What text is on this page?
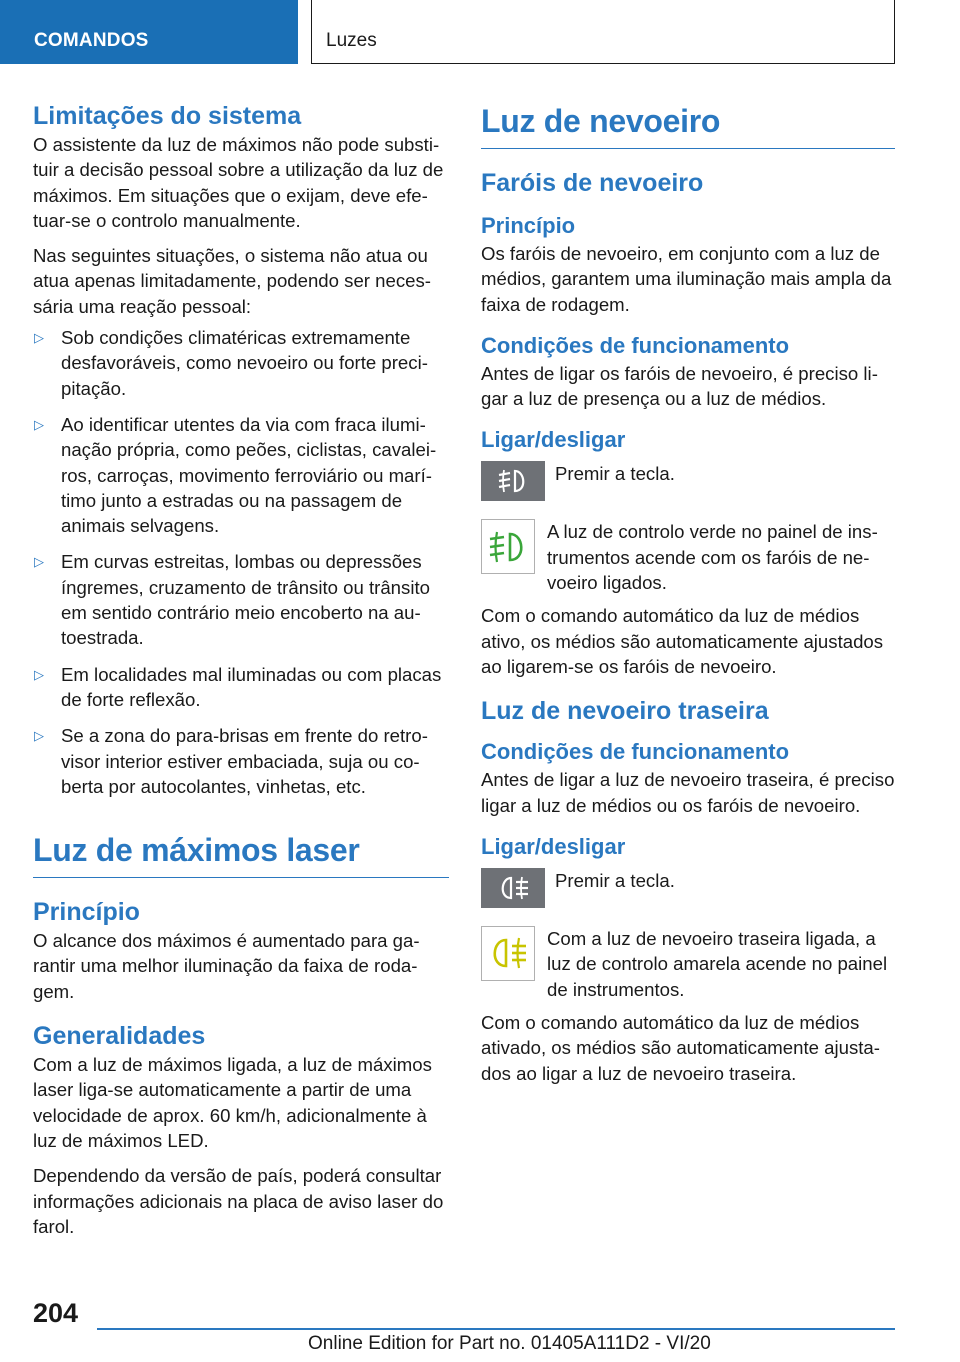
COMANDOS	Luzes
Limitações do sistema

O assistente da luz de máximos não pode substituir a decisão pessoal sobre a utilização da luz de máximos. Em situações que o exijam, deve efetuar-se o controlo manualmente.

Nas seguintes situações, o sistema não atua ou atua apenas limitadamente, podendo ser necessária uma reação pessoal:

▷ Sob condições climatéricas extremamente desfavoráveis, como nevoeiro ou forte precipitação.
▷ Ao identificar utentes da via com fraca iluminação própria, como peões, ciclistas, cavaleiros, carroças, movimento ferroviário ou marítimo junto a estradas ou na passagem de animais selvagens.
▷ Em curvas estreitas, lombas ou depressões íngremes, cruzamento de trânsito ou trânsito em sentido contrário meio encoberto na autoestrada.
▷ Em localidades mal iluminadas ou com placas de forte reflexão.
▷ Se a zona do para-brisas em frente do retrovisor interior estiver embaciada, suja ou coberta por autocolantes, vinhetas, etc.
Luz de máximos laser
Princípio

O alcance dos máximos é aumentado para garantir uma melhor iluminação da faixa de rodagem.

Generalidades

Com a luz de máximos ligada, a luz de máximos laser liga-se automaticamente a partir de uma velocidade de aprox. 60 km/h, adicionalmente à luz de máximos LED.

Dependendo da versão de país, poderá consultar informações adicionais na placa de aviso laser do farol.

Luz de nevoeiro
Faróis de nevoeiro
Princípio

Os faróis de nevoeiro, em conjunto com a luz de médios, garantem uma iluminação mais ampla da faixa de rodagem.

Condições de funcionamento

Antes de ligar os faróis de nevoeiro, é preciso ligar a luz de presença ou a luz de médios.

Ligar/desligar

Premir a tecla.

A luz de controlo verde no painel de instrumentos acende com os faróis de nevoeiro ligados.

Com o comando automático da luz de médios ativo, os médios são automaticamente ajustados ao ligarem-se os faróis de nevoeiro.

Luz de nevoeiro traseira
Condições de funcionamento

Antes de ligar a luz de nevoeiro traseira, é preciso ligar a luz de médios ou os faróis de nevoeiro.

Ligar/desligar

Premir a tecla.

Com a luz de nevoeiro traseira ligada, a luz de controlo amarela acende no painel de instrumentos.

Com o comando automático da luz de médios ativado, os médios são automaticamente ajustados ao ligar a luz de nevoeiro traseira.

204
Online Edition for Part no. 01405A111D2 - VI/20
